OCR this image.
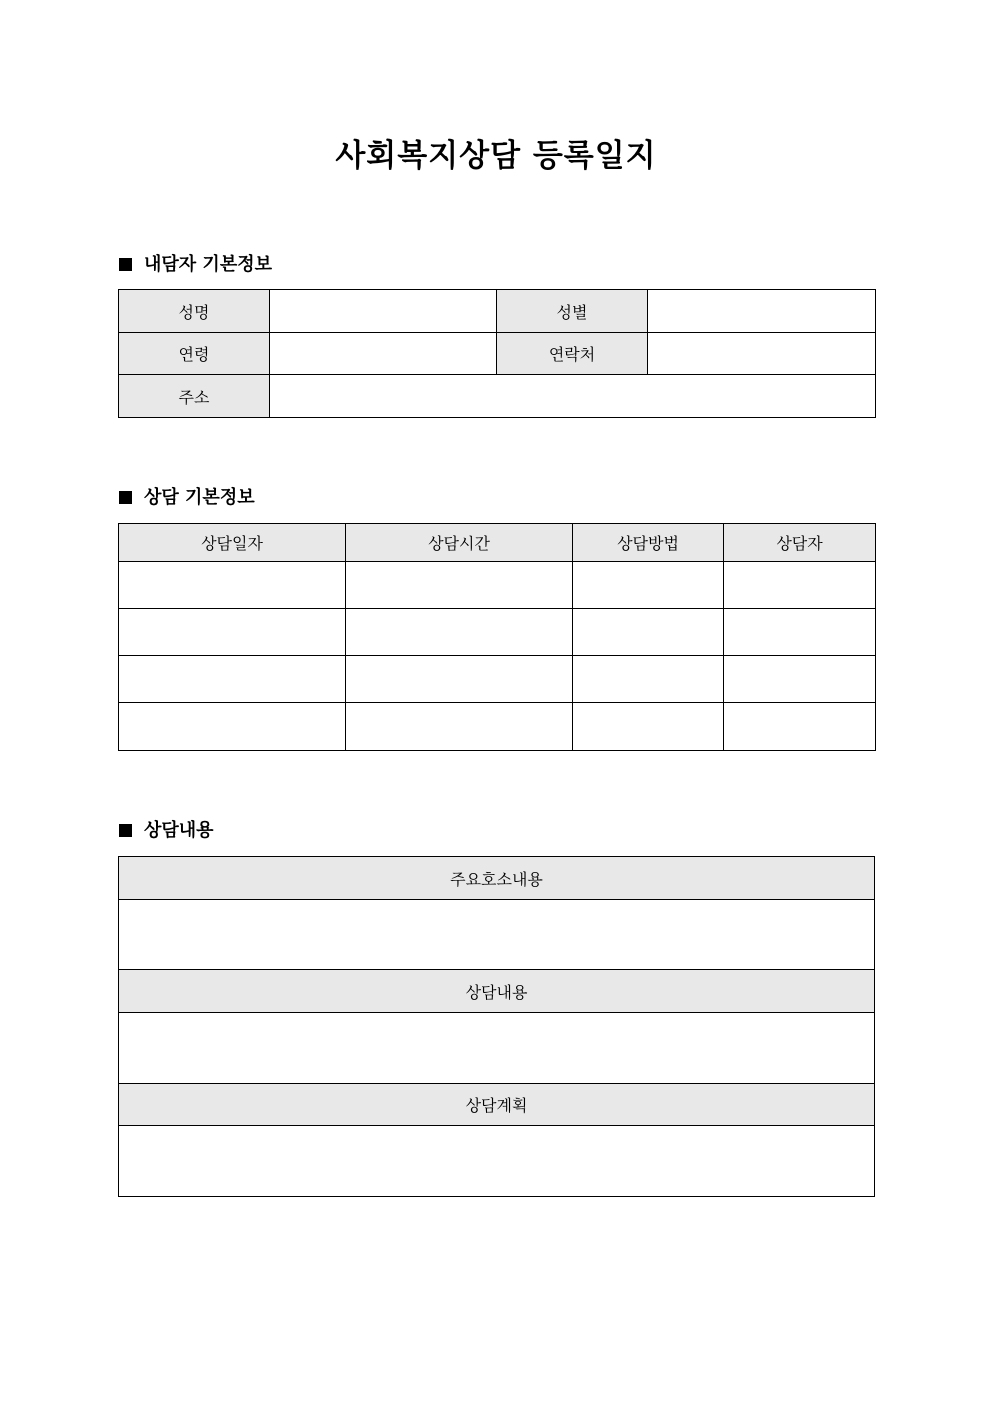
사회복지상담 등록일지
내담자 기본정보
성명		성별	
연령		연락처	
주소			
상담 기본정보
상담일자	상담시간	상담방법	상담자

상담내용
주요호소내용

상담내용

상담계획
